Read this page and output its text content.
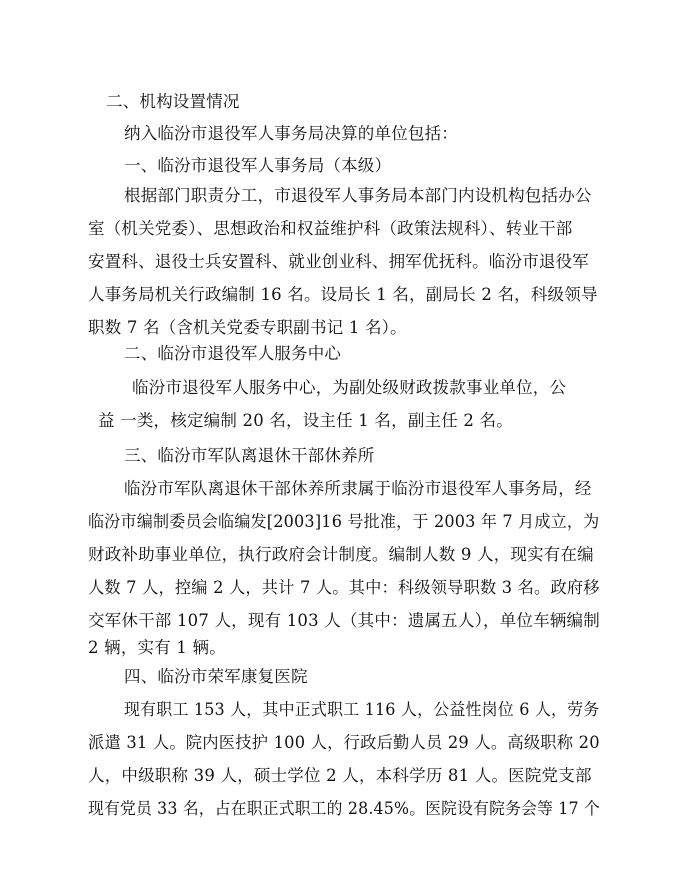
二、机构设置情况
纳入临汾市退役军人事务局决算的单位包括：
一、临汾市退役军人事务局（本级）
根据部门职责分工，市退役军人事务局本部门内设机构包括办公
室（机关党委）、思想政治和权益维护科（政策法规科）、转业干部
安置科、退役士兵安置科、就业创业科、拥军优抚科。临汾市退役军
人事务局机关行政编制 16 名。设局长 1 名，副局长 2 名，科级领导
职数 7 名（含机关党委专职副书记 1 名）。
二、临汾市退役军人服务中心
临汾市退役军人服务中心，为副处级财政拨款事业单位，公
益 一类，核定编制 20 名，设主任 1 名，副主任 2 名。
三、临汾市军队离退休干部休养所
临汾市军队离退休干部休养所隶属于临汾市退役军人事务局，经
临汾市编制委员会临编发[2003]16 号批准，于 2003 年 7 月成立，为
财政补助事业单位，执行政府会计制度。编制人数 9 人，现实有在编
人数 7 人，控编 2 人，共计 7 人。其中：科级领导职数 3 名。政府移
交军休干部 107 人，现有 103 人（其中：遗属五人），单位车辆编制
2 辆，实有 1 辆。
四、临汾市荣军康复医院
现有职工 153 人，其中正式职工 116 人，公益性岗位 6 人，劳务
派遣 31 人。院内医技护 100 人，行政后勤人员 29 人。高级职称 20
人，中级职称 39 人，硕士学位 2 人，本科学历 81 人。医院党支部
现有党员 33 名，占在职正式职工的 28.45%。医院设有院务会等 17 个
